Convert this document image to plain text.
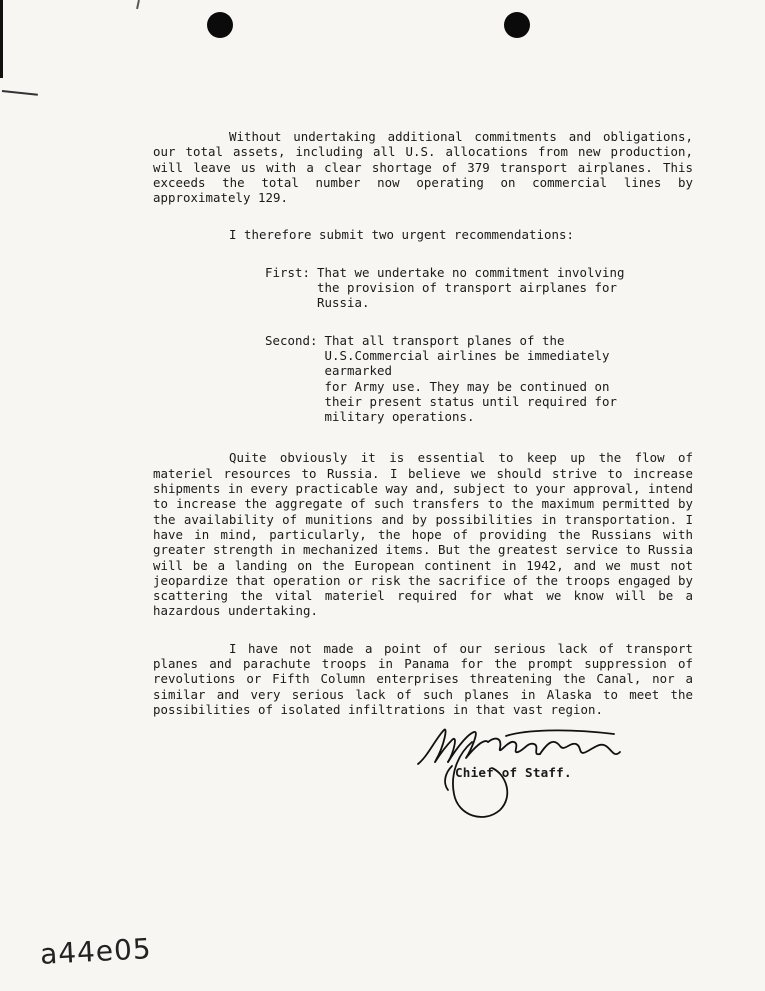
Without undertaking additional commitments and obligations, our total assets, including all U.S. allocations from new production, will leave us with a clear shortage of 379 transport airplanes. This exceeds the total number now operating on commercial lines by approximately 129.

I therefore submit two urgent recommendations:

First: That we undertake no commitment involving
the provision of transport airplanes for
Russia.
Second: That all transport planes of the U.S.Commercial airlines be immediately earmarked
for Army use. They may be continued on
their present status until required for
military operations.

Quite obviously it is essential to keep up the flow of materiel resources to Russia. I believe we should strive to increase shipments in every practicable way and, subject to your approval, intend to increase the aggregate of such transfers to the maximum permitted by the availability of munitions and by possibilities in transportation. I have in mind, particularly, the hope of providing the Russians with greater strength in mechanized items. But the greatest service to Russia will be a landing on the European continent in 1942, and we must not jeopardize that operation or risk the sacrifice of the troops engaged by scattering the vital materiel required for what we know will be a hazardous undertaking.

I have not made a point of our serious lack of transport planes and parachute troops in Panama for the prompt suppression of revolutions or Fifth Column enterprises threatening the Canal, nor a similar and very serious lack of such planes in Alaska to meet the possibilities of isolated infiltrations in that vast region.

Chief of Staff.
a44e05
